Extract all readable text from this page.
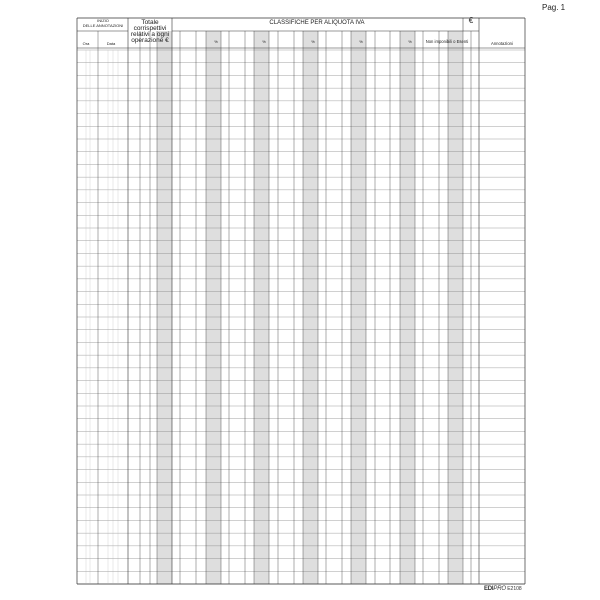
Pag. 1
INIZIO
DELLE ANNOTAZIONI
Ora	Data
Totale
corrispettivi
relativi a ogni
operazione €
CLASSIFICHE PER ALIQUOTA IVA	€
%	%	%	%	%	Non imponibili o Esenti	Annotazioni
EDIPRO E2108
